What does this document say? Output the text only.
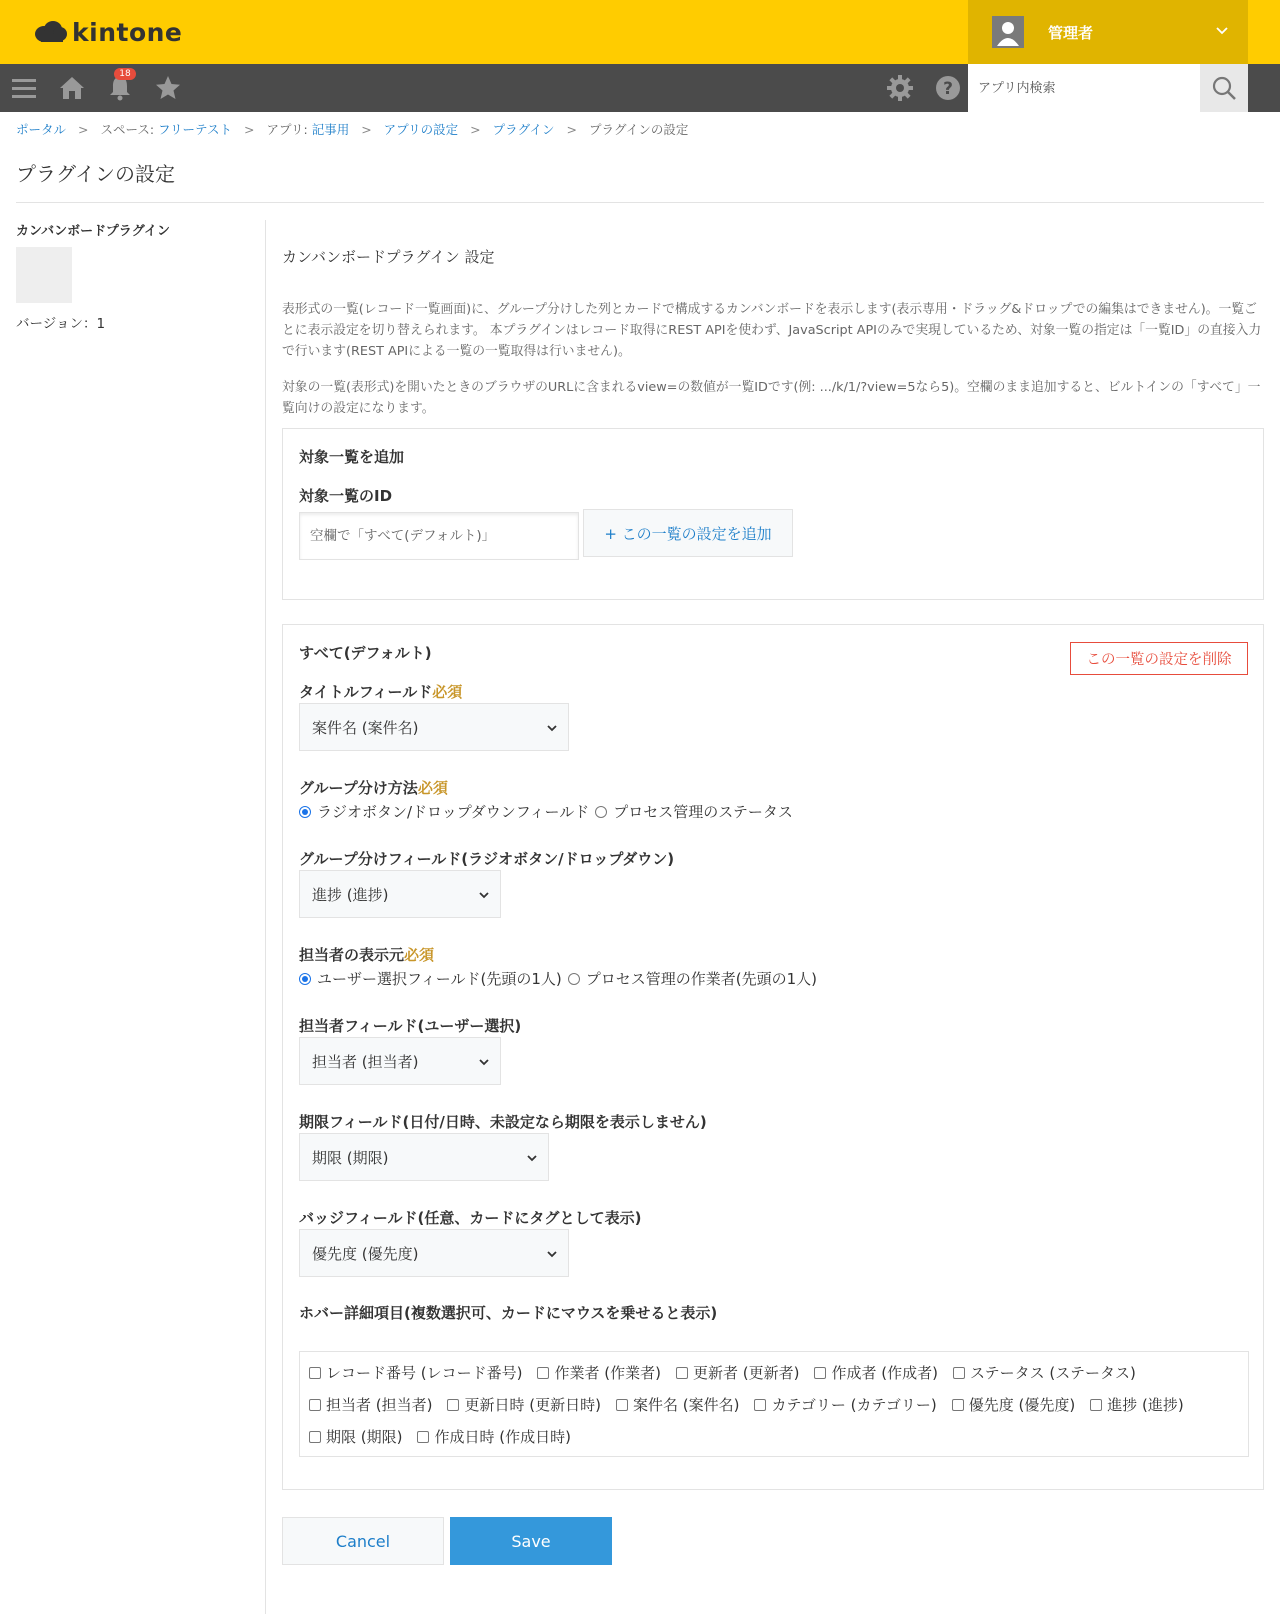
kintone	管理者
?
18
アプリ内検索
ポータル > スペース: フリーテスト > アプリ: 記事用 > アプリの設定 > プラグイン > プラグインの設定
プラグインの設定
カンバンボードプラグイン
バージョン：1

カンバンボードプラグイン 設定

表形式の一覧(レコード一覧画面)に、グループ分けした列とカードで構成するカンバンボードを表示します(表示専用・ドラッグ&ドロップでの編集はできません)。一覧ごとに表示設定を切り替えられます。 本プラグインはレコード取得にREST APIを使わず、JavaScript APIのみで実現しているため、対象一覧の指定は「一覧ID」の直接入力で行います(REST APIによる一覧の一覧取得は行いません)。

対象の一覧(表形式)を開いたときのブラウザのURLに含まれるview=の数値が一覧IDです(例: .../k/1/?view=5なら5)。空欄のまま追加すると、ビルトインの「すべて」一覧向けの設定になります。

対象一覧を追加
対象一覧のID
空欄で「すべて(デフォルト)」
+ この一覧の設定を追加
すべて(デフォルト)	この一覧の設定を削除
タイトルフィールド必須
案件名 (案件名)
グループ分け方法必須
ラジオボタン/ドロップダウンフィールド プロセス管理のステータス
グループ分けフィールド(ラジオボタン/ドロップダウン)
進捗 (進捗)
担当者の表示元必須
ユーザー選択フィールド(先頭の1人) プロセス管理の作業者(先頭の1人)
担当者フィールド(ユーザー選択)
担当者 (担当者)
期限フィールド(日付/日時、未設定なら期限を表示しません)
期限 (期限)
バッジフィールド(任意、カードにタグとして表示)
優先度 (優先度)
ホバー詳細項目(複数選択可、カードにマウスを乗せると表示)
レコード番号 (レコード番号) 作業者 (作業者) 更新者 (更新者) 作成者 (作成者) ステータス (ステータス)
担当者 (担当者) 更新日時 (更新日時) 案件名 (案件名) カテゴリー (カテゴリー) 優先度 (優先度) 進捗 (進捗)
期限 (期限) 作成日時 (作成日時)
Cancel	Save
